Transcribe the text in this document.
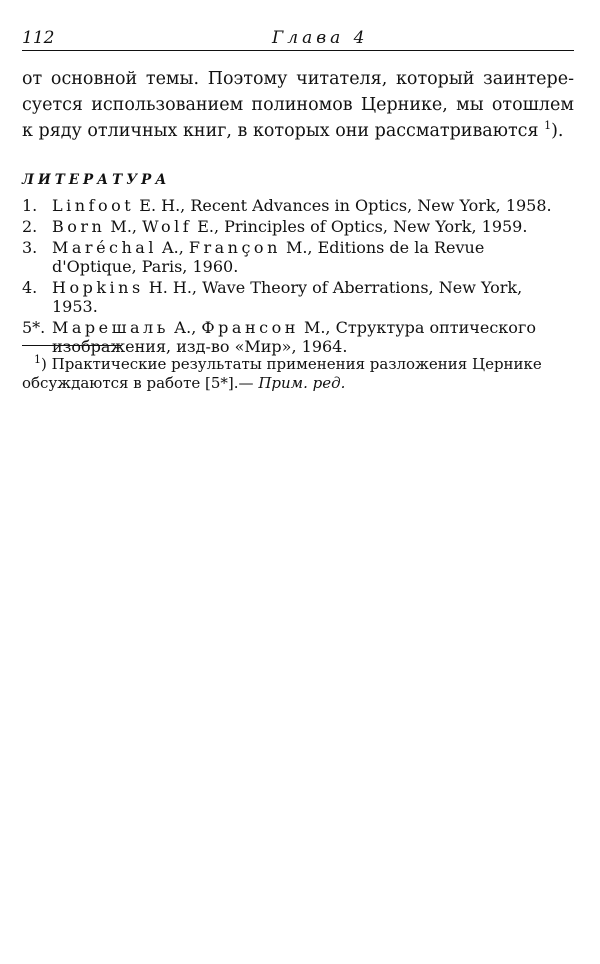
112	Глава 4
от основной темы. Поэтому читателя, который заинтере-
суется использованием полиномов Цернике, мы отошлем
к ряду отличных книг, в которых они рассматриваются $^1$).
ЛИТЕРАТУРА
1. Linfoot E. H., Recent Advances in Optics, New York, 1958.
2. Born M., Wolf E., Principles of Optics, New York, 1959.
3. Maréchal A., Françon M., Editions de la Revue
d'Optique, Paris, 1960.
4. Hopkins H. H., Wave Theory of Aberrations, New York,
1953.
5*. Марешаль А., Франсон М., Структура оптического
изображения, изд-во «Мир», 1964.
$^1$) Практические результаты применения разложения Цернике
обсуждаются в работе [5*].— Прим. ред.
